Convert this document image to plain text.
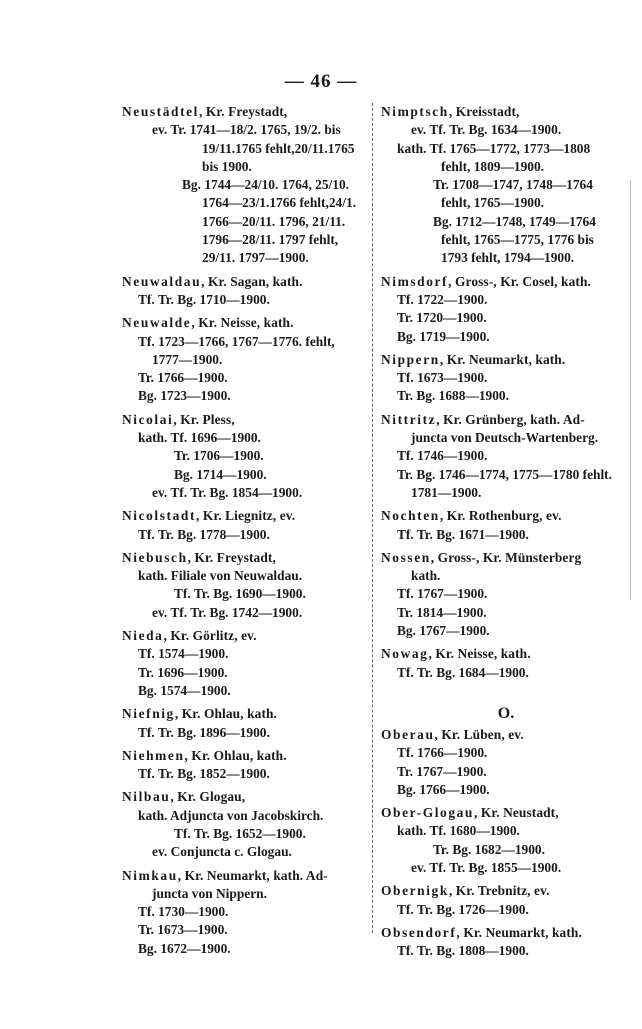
— 46 —
Neustädtel, Kr. Freystadt,
ev. Tr. 1741—18/2. 1765, 19/2. bis
19/11.1765 fehlt,20/11.1765
bis 1900.
Bg. 1744—24/10. 1764, 25/10.
1764—23/1.1766 fehlt,24/1.
1766—20/11. 1796, 21/11.
1796—28/11. 1797 fehlt,
29/11. 1797—1900.
Neuwaldau, Kr. Sagan, kath.
Tf. Tr. Bg. 1710—1900.
Neuwalde, Kr. Neisse, kath.
Tf. 1723—1766, 1767—1776. fehlt,
1777—1900.
Tr. 1766—1900.
Bg. 1723—1900.
Nicolai, Kr. Pless,
kath. Tf. 1696—1900.
Tr. 1706—1900.
Bg. 1714—1900.
ev. Tf. Tr. Bg. 1854—1900.
Nicolstadt, Kr. Liegnitz, ev.
Tf. Tr. Bg. 1778—1900.
Niebusch, Kr. Freystadt,
kath. Filiale von Neuwaldau.
Tf. Tr. Bg. 1690—1900.
ev. Tf. Tr. Bg. 1742—1900.
Nieda, Kr. Görlitz, ev.
Tf. 1574—1900.
Tr. 1696—1900.
Bg. 1574—1900.
Niefnig, Kr. Ohlau, kath.
Tf. Tr. Bg. 1896—1900.
Niehmen, Kr. Ohlau, kath.
Tf. Tr. Bg. 1852—1900.
Nilbau, Kr. Glogau,
kath. Adjuncta von Jacobskirch.
Tf. Tr. Bg. 1652—1900.
ev. Conjuncta c. Glogau.
Nimkau, Kr. Neumarkt, kath. Ad-
juncta von Nippern.
Tf. 1730—1900.
Tr. 1673—1900.
Bg. 1672—1900.
Nimptsch, Kreisstadt,
ev. Tf. Tr. Bg. 1634—1900.
kath. Tf. 1765—1772, 1773—1808
fehlt, 1809—1900.
Tr. 1708—1747, 1748—1764
fehlt, 1765—1900.
Bg. 1712—1748, 1749—1764
fehlt, 1765—1775, 1776 bis
1793 fehlt, 1794—1900.
Nimsdorf, Gross-, Kr. Cosel, kath.
Tf. 1722—1900.
Tr. 1720—1900.
Bg. 1719—1900.
Nippern, Kr. Neumarkt, kath.
Tf. 1673—1900.
Tr. Bg. 1688—1900.
Nittritz, Kr. Grünberg, kath. Ad-
juncta von Deutsch-Wartenberg.
Tf. 1746—1900.
Tr. Bg. 1746—1774, 1775—1780 fehlt.
1781—1900.
Nochten, Kr. Rothenburg, ev.
Tf. Tr. Bg. 1671—1900.
Nossen, Gross-, Kr. Münsterberg
kath.
Tf. 1767—1900.
Tr. 1814—1900.
Bg. 1767—1900.
Nowag, Kr. Neisse, kath.
Tf. Tr. Bg. 1684—1900.
O.
Oberau, Kr. Lüben, ev.
Tf. 1766—1900.
Tr. 1767—1900.
Bg. 1766—1900.
Ober-Glogau, Kr. Neustadt,
kath. Tf. 1680—1900.
Tr. Bg. 1682—1900.
ev. Tf. Tr. Bg. 1855—1900.
Obernigk, Kr. Trebnitz, ev.
Tf. Tr. Bg. 1726—1900.
Obsendorf, Kr. Neumarkt, kath.
Tf. Tr. Bg. 1808—1900.
